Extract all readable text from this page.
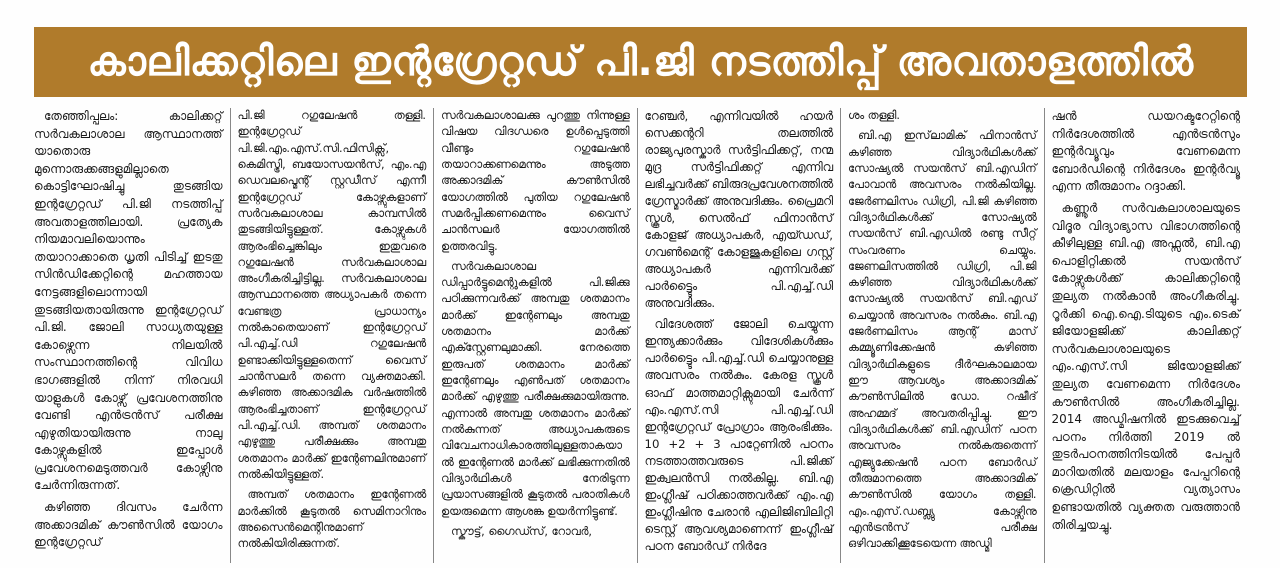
കാലിക്കറ്റിലെ ഇന്റഗ്രേറ്റഡ് പി.ജി നടത്തിപ്പ് അവതാളത്തിൽ

തേഞ്ഞിപ്പലം: കാലിക്കറ്റ് സർവകലാശാല ആസ്ഥാനത്ത് യാതൊരു മുന്നൊരുക്കങ്ങളുമില്ലാതെ കൊട്ടിഘോഷിച്ചു തുടങ്ങിയ ഇന്റഗ്രേറ്റഡ് പി.ജി നടത്തിപ്പ് അവതാളത്തിലായി. പ്രത്യേക നിയമാവലിയൊന്നും തയാറാക്കാതെ ധൃതി പിടിച്ച് ഇടതു സിൻഡിക്കേറ്റിന്റെ മഹത്തായ നേട്ടങ്ങളിലൊന്നായി തുടങ്ങിയതായിരുന്നു ഇന്റഗ്രേറ്റഡ് പി.ജി. ജോലി സാധ്യതയുള്ള കോഴ്സെന്ന നിലയിൽ സംസ്ഥാനത്തിന്റെ വിവിധ ഭാഗങ്ങളിൽ നിന്ന് നിരവധി യാളുകൾ കോഴ്സ് പ്രവേശനത്തിനു വേണ്ടി എൻട്രൻസ് പരീക്ഷ എഴുതിയായിരുന്നു നാലു കോഴ്സുകളിൽ ഇപ്പോൾ പ്രവേശനമെടുത്തവർ കോഴ്സിനു ചേർന്നിരുന്നത്.

കഴിഞ്ഞ ദിവസം ചേർന്ന അക്കാദമിക് കൗൺസിൽ യോഗം ഇന്റഗ്രേറ്റഡ്

പി.ജി റഗുലേഷൻ തള്ളി. ഇന്റഗ്രേറ്റഡ് പി.ജി.എം.എസ്.സി.ഫിസിക്സ്, കെമിസ്ട്രി, ബയോസയൻസ്, എം.എ ഡെവലപ്മെന്റ് സ്റ്റഡീസ് എന്നീ ഇന്റഗ്രേറ്റഡ് കോഴ്സുകളാണ് സർവകലാശാല കാമ്പസിൽ തുടങ്ങിയിട്ടുള്ളത്. കോഴ്സുകൾ ആരംഭിച്ചെങ്കിലും ഇതുവരെ റഗുലേഷൻ സർവകലാശാല അംഗീകരിച്ചിട്ടില്ല. സർവകലാശാല ആസ്ഥാനത്തെ അധ്യാപകർ തന്നെ വേണ്ടത്ര പ്രാധാന്യം നൽകാതെയാണ് ഇന്റഗ്രേറ്റഡ് പി.എച്ച്.ഡി റഗുലേഷൻ ഉണ്ടാക്കിയിട്ടുള്ളതെന്ന് വൈസ് ചാൻസലർ തന്നെ വ്യക്തമാക്കി. കഴിഞ്ഞ അക്കാദമിക വർഷത്തിൽ ആരംഭിച്ചതാണ് ഇന്റഗ്രേറ്റഡ് പി.എച്ച്.ഡി. അമ്പത് ശതമാനം എഴുത്തു പരീക്ഷക്കും അമ്പതു ശതമാനം മാർക്ക് ഇന്റേണലിനുമാണ് നൽകിയിട്ടുള്ളത്.

അമ്പത് ശതമാനം ഇന്റേണൽ മാർക്കിൽ കൂടുതൽ സെമിനാറിനും അസൈൻമെന്റിനുമാണ് നൽകിയിരിക്കുന്നത്.

സർവകലാശാലക്കു പുറത്തു നിന്നുള്ള വിഷയ വിദഗ്ധരെ ഉൾപ്പെടുത്തി വീണ്ടും റഗുലേഷൻ തയാറാക്കണമെന്നും അടുത്ത അക്കാദമിക് കൗൺസിൽ യോഗത്തിൽ പുതിയ റഗുലേഷൻ സമർപ്പിക്കണമെന്നും വൈസ് ചാൻസലർ യോഗത്തിൽ ഉത്തരവിട്ടു.

സർവകലാശാല ഡിപ്പാർട്ടുമെന്റുകളിൽ പി.ജിക്കു പഠിക്കുന്നവർക്ക് അമ്പതു ശതമാനം മാർക്ക് ഇന്റേണലും അമ്പതു ശതമാനം മാർക്ക് എക്സ്റ്റേണലുമാക്കി. നേരത്തെ ഇരുപത് ശതമാനം മാർക്ക് ഇന്റേണലും എൺപത് ശതമാനം മാർക്ക് എഴുത്തു പരീക്ഷക്കുമായിരുന്നു. എന്നാൽ അമ്പതു ശതമാനം മാർക്ക് നൽകുന്നത് അധ്യാപകരുടെ വിവേചനാധികാരത്തിലുള്ളതാകയാൽ ഇന്റേണൽ മാർക്ക് ലഭിക്കുന്നതിൽ വിദ്യാർഥികൾ നേരിടുന്ന പ്രയാസങ്ങളിൽ കൂടുതൽ പരാതികൾ ഉയരുമെന്ന ആശങ്ക ഉയർന്നിട്ടുണ്ട്.

സ്കൗട്ട്, ഗൈഡ്സ്, റോവർ,

റേഞ്ചർ, എന്നിവയിൽ ഹയർ സെക്കന്ററി തലത്തിൽ രാജ്യപുരസ്കാർ സർട്ടിഫിക്കറ്റ്, നന്മ മുദ്ര സർട്ടിഫിക്കറ്റ് എന്നിവ ലഭിച്ചവർക്ക് ബിരുദപ്രവേശനത്തിൽ ഗ്രേസ്മാർക്ക് അനുവദിക്കും. പ്രൈമറി സ്കൂൾ, സെൽഫ് ഫിനാൻസ് കോളജ് അധ്യാപകർ, എയ്ഡഡ്, ഗവൺമെന്റ് കോളജുകളിലെ ഗസ്റ്റ് അധ്യാപകർ എന്നിവർക്ക് പാർട്ട്ടൈം പി.എച്ച്.ഡി അനുവദിക്കും.

വിദേശത്ത് ജോലി ചെയ്യുന്ന ഇന്ത്യക്കാർക്കും വിദേശികൾക്കും പാർട്ട്ടൈം പി.എച്ച്.ഡി ചെയ്യാനുള്ള അവസരം നൽകും. കേരള സ്കൂൾ ഓഫ് മാത്തമാറ്റിക്സുമായി ചേർന്ന് എം.എസ്.സി പി.എച്ച്.ഡി ഇന്റഗ്രേറ്റഡ് പ്രോഗ്രാം ആരംഭിക്കും. 10 +2 + 3 പാറ്റേണിൽ പഠനം നടത്താത്തവരുടെ പി.ജിക്ക് ഇക്വലൻസി നൽകില്ല. ബി.എ ഇംഗ്ലീഷ് പഠിക്കാത്തവർക്ക് എം.എ ഇംഗ്ലീഷിനു ചേരാൻ എലിജിബിലിറ്റി ടെസ്റ്റ് ആവശ്യമാണെന്ന് ഇംഗ്ലീഷ് പഠന ബോർഡ് നിർദേ

ശം തള്ളി.

ബി.എ ഇസ്‌ലാമിക് ഫിനാൻസ് കഴിഞ്ഞ വിദ്യാർഥികൾക്ക് സോഷ്യൽ സയൻസ് ബി.എഡിന് പോവാൻ അവസരം നൽകിയില്ല. ജേർണലിസം ഡിഗ്രി, പി.ജി കഴിഞ്ഞ വിദ്യാർഥികൾക്ക് സോഷ്യൽ സയൻസ് ബി.എഡിൽ രണ്ടു സീറ്റ് സംവരണം ചെയ്യും. ജേണലിസത്തിൽ ഡിഗ്രി, പി.ജി കഴിഞ്ഞ വിദ്യാർഥികൾക്ക് സോഷ്യൽ സയൻസ് ബി.എഡ് ചെയ്യാൻ അവസരം നൽകും. ബി.എ ജേർണലിസം ആന്റ് മാസ് കമ്മ്യൂണിക്കേഷൻ കഴിഞ്ഞ വിദ്യാർഥികളുടെ ദീർഘകാലമായ ഈ ആവശ്യം അക്കാദമിക് കൗൺസിലിൽ ഡോ. റഷീദ് അഹമ്മദ് അവതരിപ്പിച്ചു. ഈ വിദ്യാർഥികൾക്ക് ബി.എഡിന് പഠന അവസരം നൽകരുതെന്ന് എജ്യുക്കേഷൻ പഠന ബോർഡ് തീരുമാനത്തെ അക്കാദമിക് കൗൺസിൽ യോഗം തള്ളി. എം.എസ്.ഡബ്ല്യു കോഴ്സിനു എൻട്രൻസ് പരീക്ഷ ഒഴിവാക്കിക്കൂടേയെന്ന അഡ്മി

ഷൻ ഡയറക്ടറേറ്റിന്റെ നിർദേശത്തിൽ എൻട്രൻസും ഇന്റർവ്യൂവും വേണമെന്ന ബോർഡിന്റെ നിർദേശം ഇന്റർവ്യൂ എന്ന തീരുമാനം റദ്ദാക്കി.

കണ്ണൂർ സർവകലാശാലയുടെ വിദൂര വിദ്യാഭ്യാസ വിഭാഗത്തിന്റെ കീഴിലുള്ള ബി.എ അഫ്സൽ, ബി.എ പൊളിറ്റിക്കൽ സയൻസ് കോഴ്സുകൾക്ക് കാലിക്കറ്റിന്റെ തുല്യത നൽകാൻ അംഗീകരിച്ചു. റൂർക്കി ഐ.ഐ.ടിയുടെ എം.ടെക് ജിയോളജിക്ക് കാലിക്കറ്റ് സർവകലാശാലയുടെ എം.എസ്.സി ജിയോളജിക്ക് തുല്യത വേണമെന്ന നിർദേശം കൗൺസിൽ അംഗീകരിച്ചില്ല. 2014 അഡ്മിഷനിൽ ഇടക്കുവെച്ച് പഠനം നിർത്തി 2019 ൽ തുടർപഠനത്തിനിടയിൽ പേപ്പർ മാറിയതിൽ മലയാളം പേപ്പറിന്റെ ക്രെഡിറ്റിൽ വ്യത്യാസം ഉണ്ടായതിൽ വ്യക്തത വരുത്താൻ തിരിച്ചയച്ചു.
